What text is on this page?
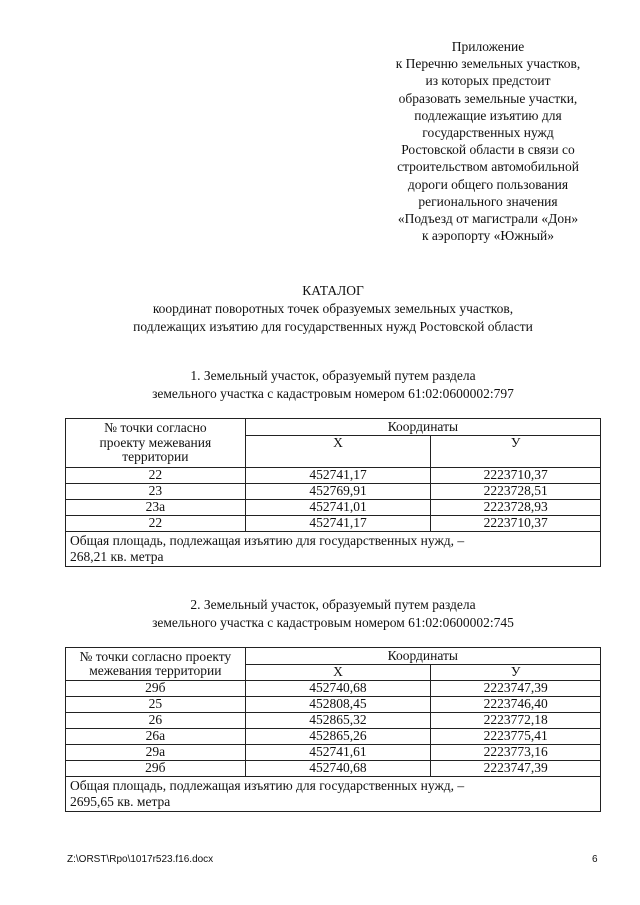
Приложение
к Перечню земельных участков,
из которых предстоит
образовать земельные участки,
подлежащие изъятию для
государственных нужд
Ростовской области в связи со
строительством автомобильной
дороги общего пользования
регионального значения
«Подъезд от магистрали «Дон»
к аэропорту «Южный»
КАТАЛОГ
координат поворотных точек образуемых земельных участков,
подлежащих изъятию для государственных нужд Ростовской области
1. Земельный участок, образуемый путем раздела
земельного участка с кадастровым номером 61:02:0600002:797
№ точки согласно проекту межевания территории	Координаты	
	Х	У
22	452741,17	2223710,37
23	452769,91	2223728,51
23а	452741,01	2223728,93
22	452741,17	2223710,37
Общая площадь, подлежащая изъятию для государственных нужд, –
268,21 кв. метра		
2. Земельный участок, образуемый путем раздела
земельного участка с кадастровым номером 61:02:0600002:745
№ точки согласно проекту межевания территории	Координаты	
	Х	У
29б	452740,68	2223747,39
25	452808,45	2223746,40
26	452865,32	2223772,18
26а	452865,26	2223775,41
29а	452741,61	2223773,16
29б	452740,68	2223747,39
Общая площадь, подлежащая изъятию для государственных нужд, –
2695,65 кв. метра		
Z:\ORST\Rpo\1017r523.f16.docx	6
